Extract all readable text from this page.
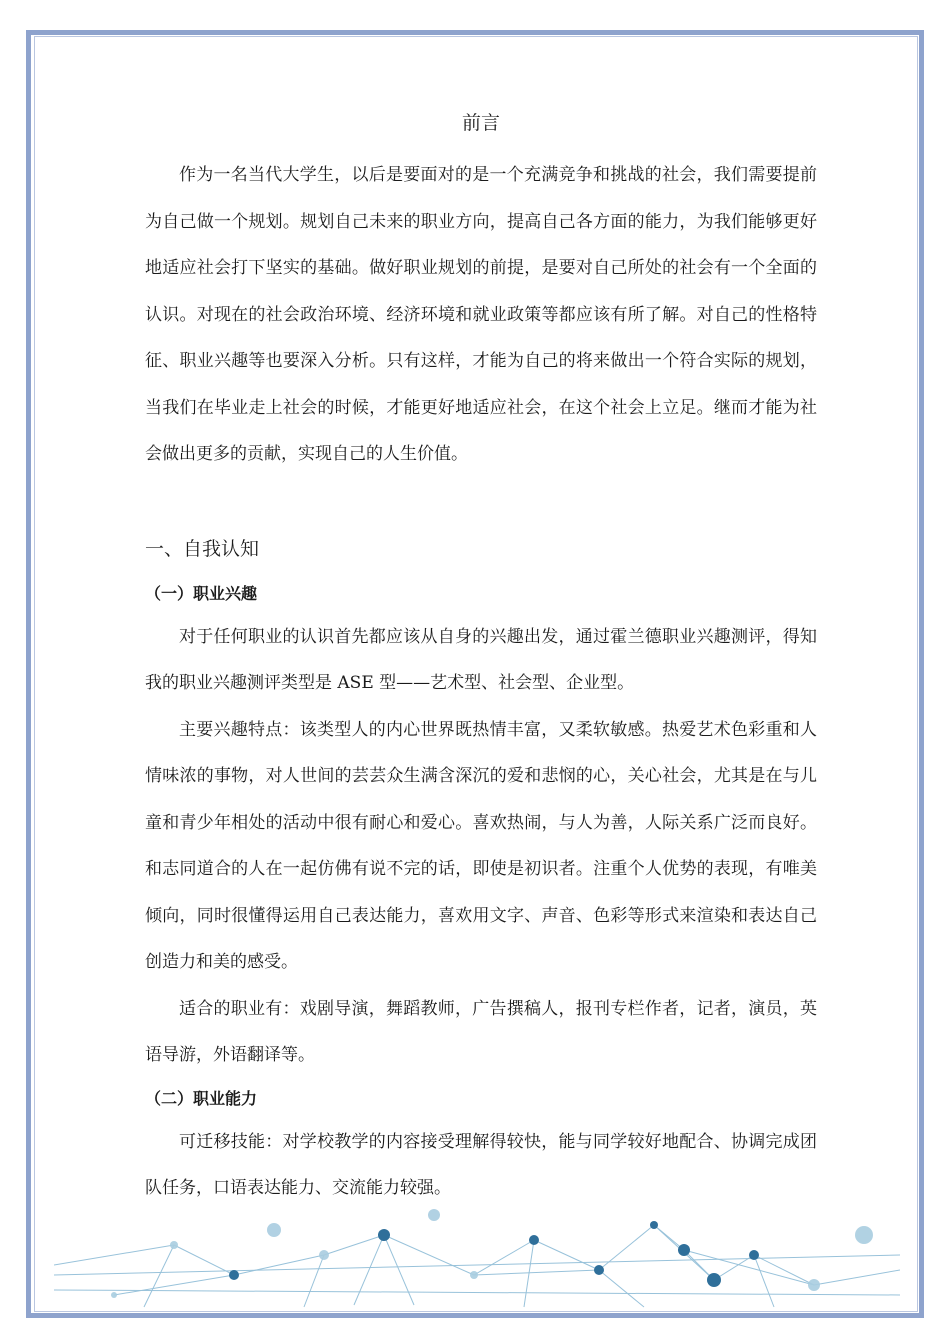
前言

作为一名当代大学生，以后是要面对的是一个充满竞争和挑战的社会，我们需要提前为自己做一个规划。规划自己未来的职业方向，提高自己各方面的能力，为我们能够更好地适应社会打下坚实的基础。做好职业规划的前提，是要对自己所处的社会有一个全面的认识。对现在的社会政治环境、经济环境和就业政策等都应该有所了解。对自己的性格特征、职业兴趣等也要深入分析。只有这样，才能为自己的将来做出一个符合实际的规划，当我们在毕业走上社会的时候，才能更好地适应社会，在这个社会上立足。继而才能为社会做出更多的贡献，实现自己的人生价值。

一、自我认知
（一）职业兴趣

对于任何职业的认识首先都应该从自身的兴趣出发，通过霍兰德职业兴趣测评，得知我的职业兴趣测评类型是 ASE 型——艺术型、社会型、企业型。

主要兴趣特点：该类型人的内心世界既热情丰富，又柔软敏感。热爱艺术色彩重和人情味浓的事物，对人世间的芸芸众生满含深沉的爱和悲悯的心，关心社会，尤其是在与儿童和青少年相处的活动中很有耐心和爱心。喜欢热闹，与人为善，人际关系广泛而良好。和志同道合的人在一起仿佛有说不完的话，即使是初识者。注重个人优势的表现，有唯美倾向，同时很懂得运用自己表达能力，喜欢用文字、声音、色彩等形式来渲染和表达自己创造力和美的感受。

适合的职业有：戏剧导演，舞蹈教师，广告撰稿人，报刊专栏作者，记者，演员，英语导游，外语翻译等。

（二）职业能力

可迁移技能：对学校教学的内容接受理解得较快，能与同学较好地配合、协调完成团队任务，口语表达能力、交流能力较强。
